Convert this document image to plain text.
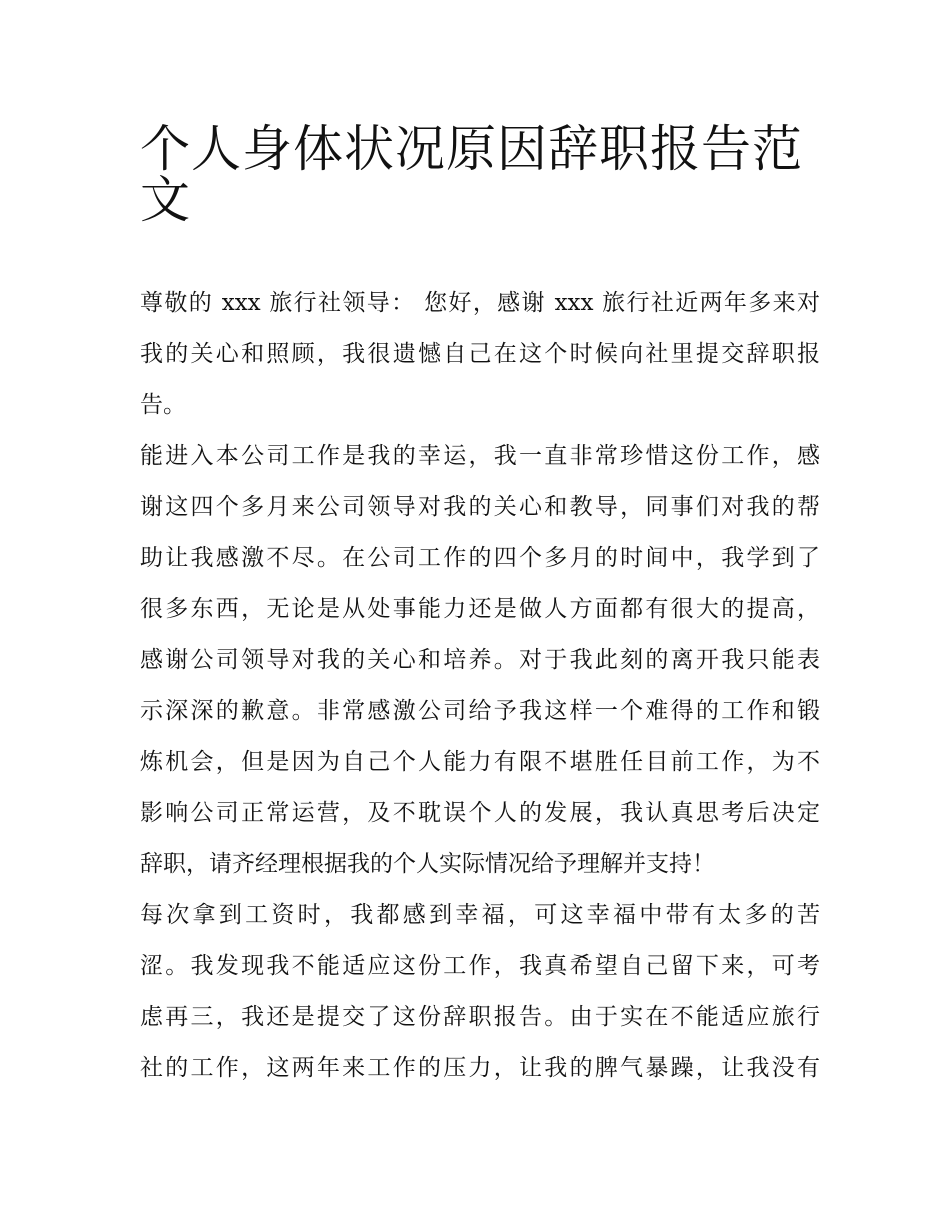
个人身体状况原因辞职报告范
文

尊敬的 xxx 旅行社领导： 您好，感谢 xxx 旅行社近两年多来对
我的关心和照顾，我很遗憾自己在这个时候向社里提交辞职报
告。

能进入本公司工作是我的幸运，我一直非常珍惜这份工作，感
谢这四个多月来公司领导对我的关心和教导，同事们对我的帮
助让我感激不尽。在公司工作的四个多月的时间中，我学到了
很多东西，无论是从处事能力还是做人方面都有很大的提高，
感谢公司领导对我的关心和培养。对于我此刻的离开我只能表
示深深的歉意。非常感激公司给予我这样一个难得的工作和锻
炼机会，但是因为自己个人能力有限不堪胜任目前工作，为不
影响公司正常运营，及不耽误个人的发展，我认真思考后决定
辞职，请齐经理根据我的个人实际情况给予理解并支持！

每次拿到工资时，我都感到幸福，可这幸福中带有太多的苦
涩。我发现我不能适应这份工作，我真希望自己留下来，可考
虑再三，我还是提交了这份辞职报告。由于实在不能适应旅行
社的工作，这两年来工作的压力，让我的脾气暴躁，让我没有
